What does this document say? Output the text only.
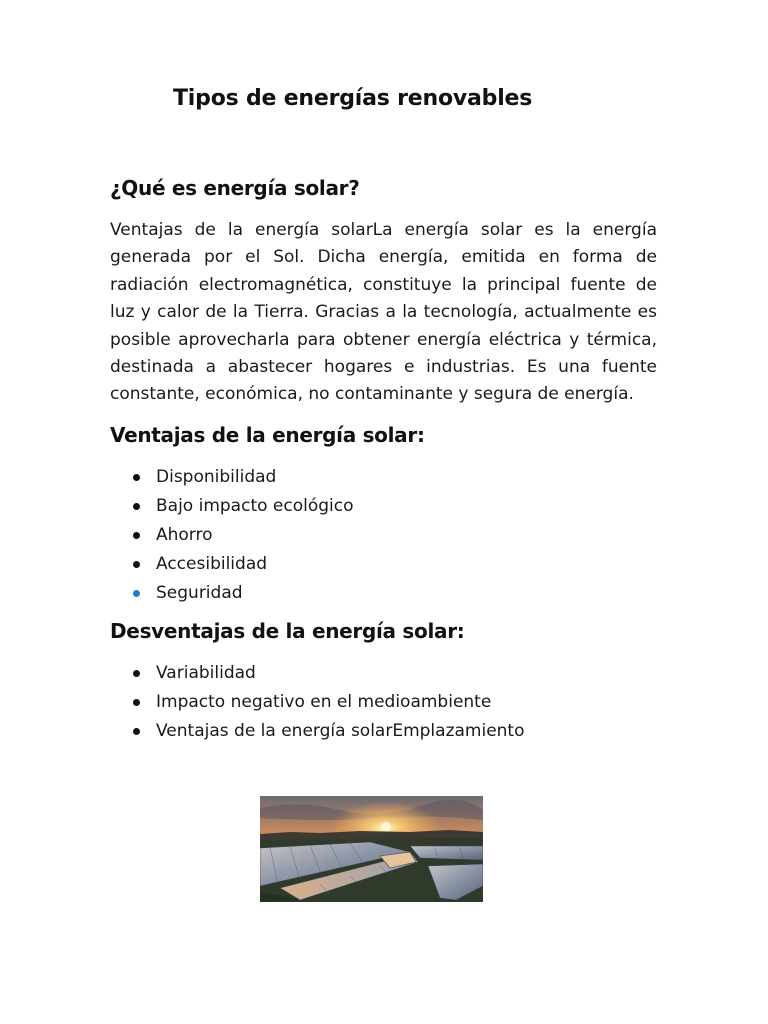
Tipos de energías renovables
¿Qué es energía solar?

Ventajas de la energía solarLa energía solar es la energía generada por el Sol. Dicha energía, emitida en forma de radiación electromagnética, constituye la principal fuente de luz y calor de la Tierra. Gracias a la tecnología, actualmente es posible aprovecharla para obtener energía eléctrica y térmica, destinada a abastecer hogares e industrias. Es una fuente constante, económica, no contaminante y segura de energía.

Ventajas de la energía solar:
Disponibilidad
Bajo impacto ecológico
Ahorro
Accesibilidad
Seguridad
Desventajas de la energía solar:
Variabilidad
Impacto negativo en el medioambiente
Ventajas de la energía solarEmplazamiento
